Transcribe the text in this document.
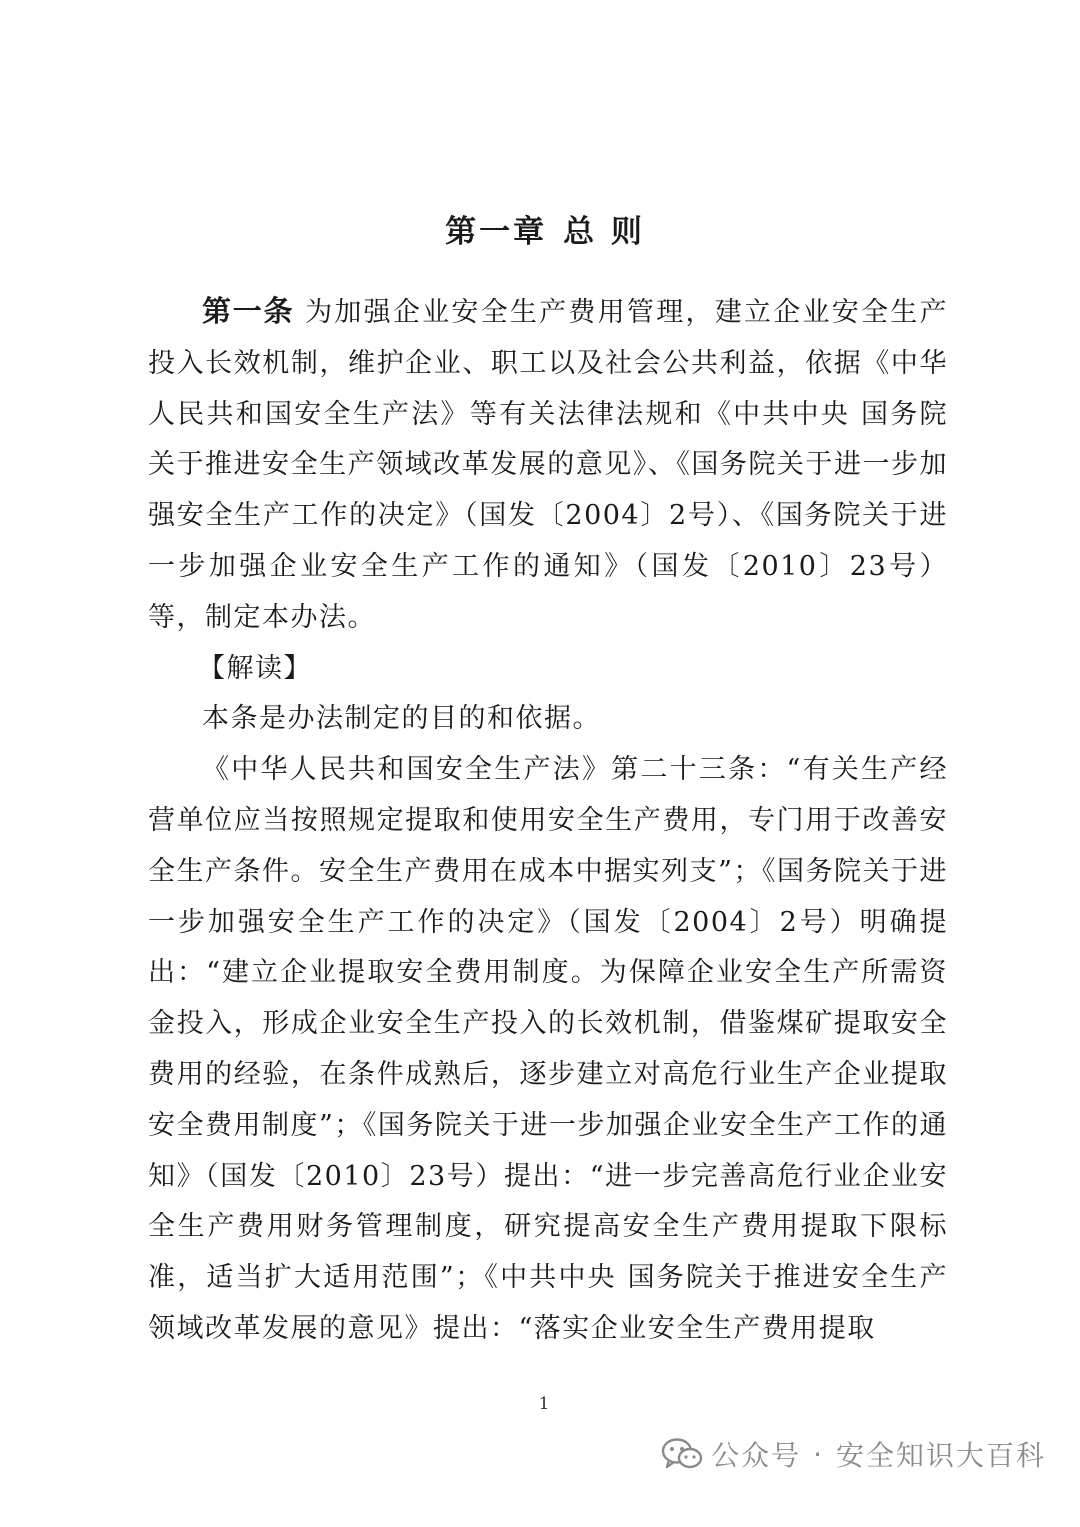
第一章 总 则

第一条 为加强企业安全生产费用管理，建立企业安全生产投入长效机制，维护企业、职工以及社会公共利益，依据《中华人民共和国安全生产法》等有关法律法规和《中共中央 国务院关于推进安全生产领域改革发展的意见》、《国务院关于进一步加强安全生产工作的决定》（国发〔2004〕2号）、《国务院关于进一步加强企业安全生产工作的通知》（国发〔2010〕23号）等，制定本办法。

【解读】

本条是办法制定的目的和依据。

《中华人民共和国安全生产法》第二十三条：“有关生产经营单位应当按照规定提取和使用安全生产费用，专门用于改善安全生产条件。安全生产费用在成本中据实列支”；《国务院关于进一步加强安全生产工作的决定》（国发〔2004〕2号）明确提出：“建立企业提取安全费用制度。为保障企业安全生产所需资金投入，形成企业安全生产投入的长效机制，借鉴煤矿提取安全费用的经验，在条件成熟后，逐步建立对高危行业生产企业提取安全费用制度”；《国务院关于进一步加强企业安全生产工作的通知》（国发〔2010〕23号）提出：“进一步完善高危行业企业安全生产费用财务管理制度，研究提高安全生产费用提取下限标准，适当扩大适用范围”；《中共中央 国务院关于推进安全生产领域改革发展的意见》提出：“落实企业安全生产费用提取

1
公众号 · 安全知识大百科
